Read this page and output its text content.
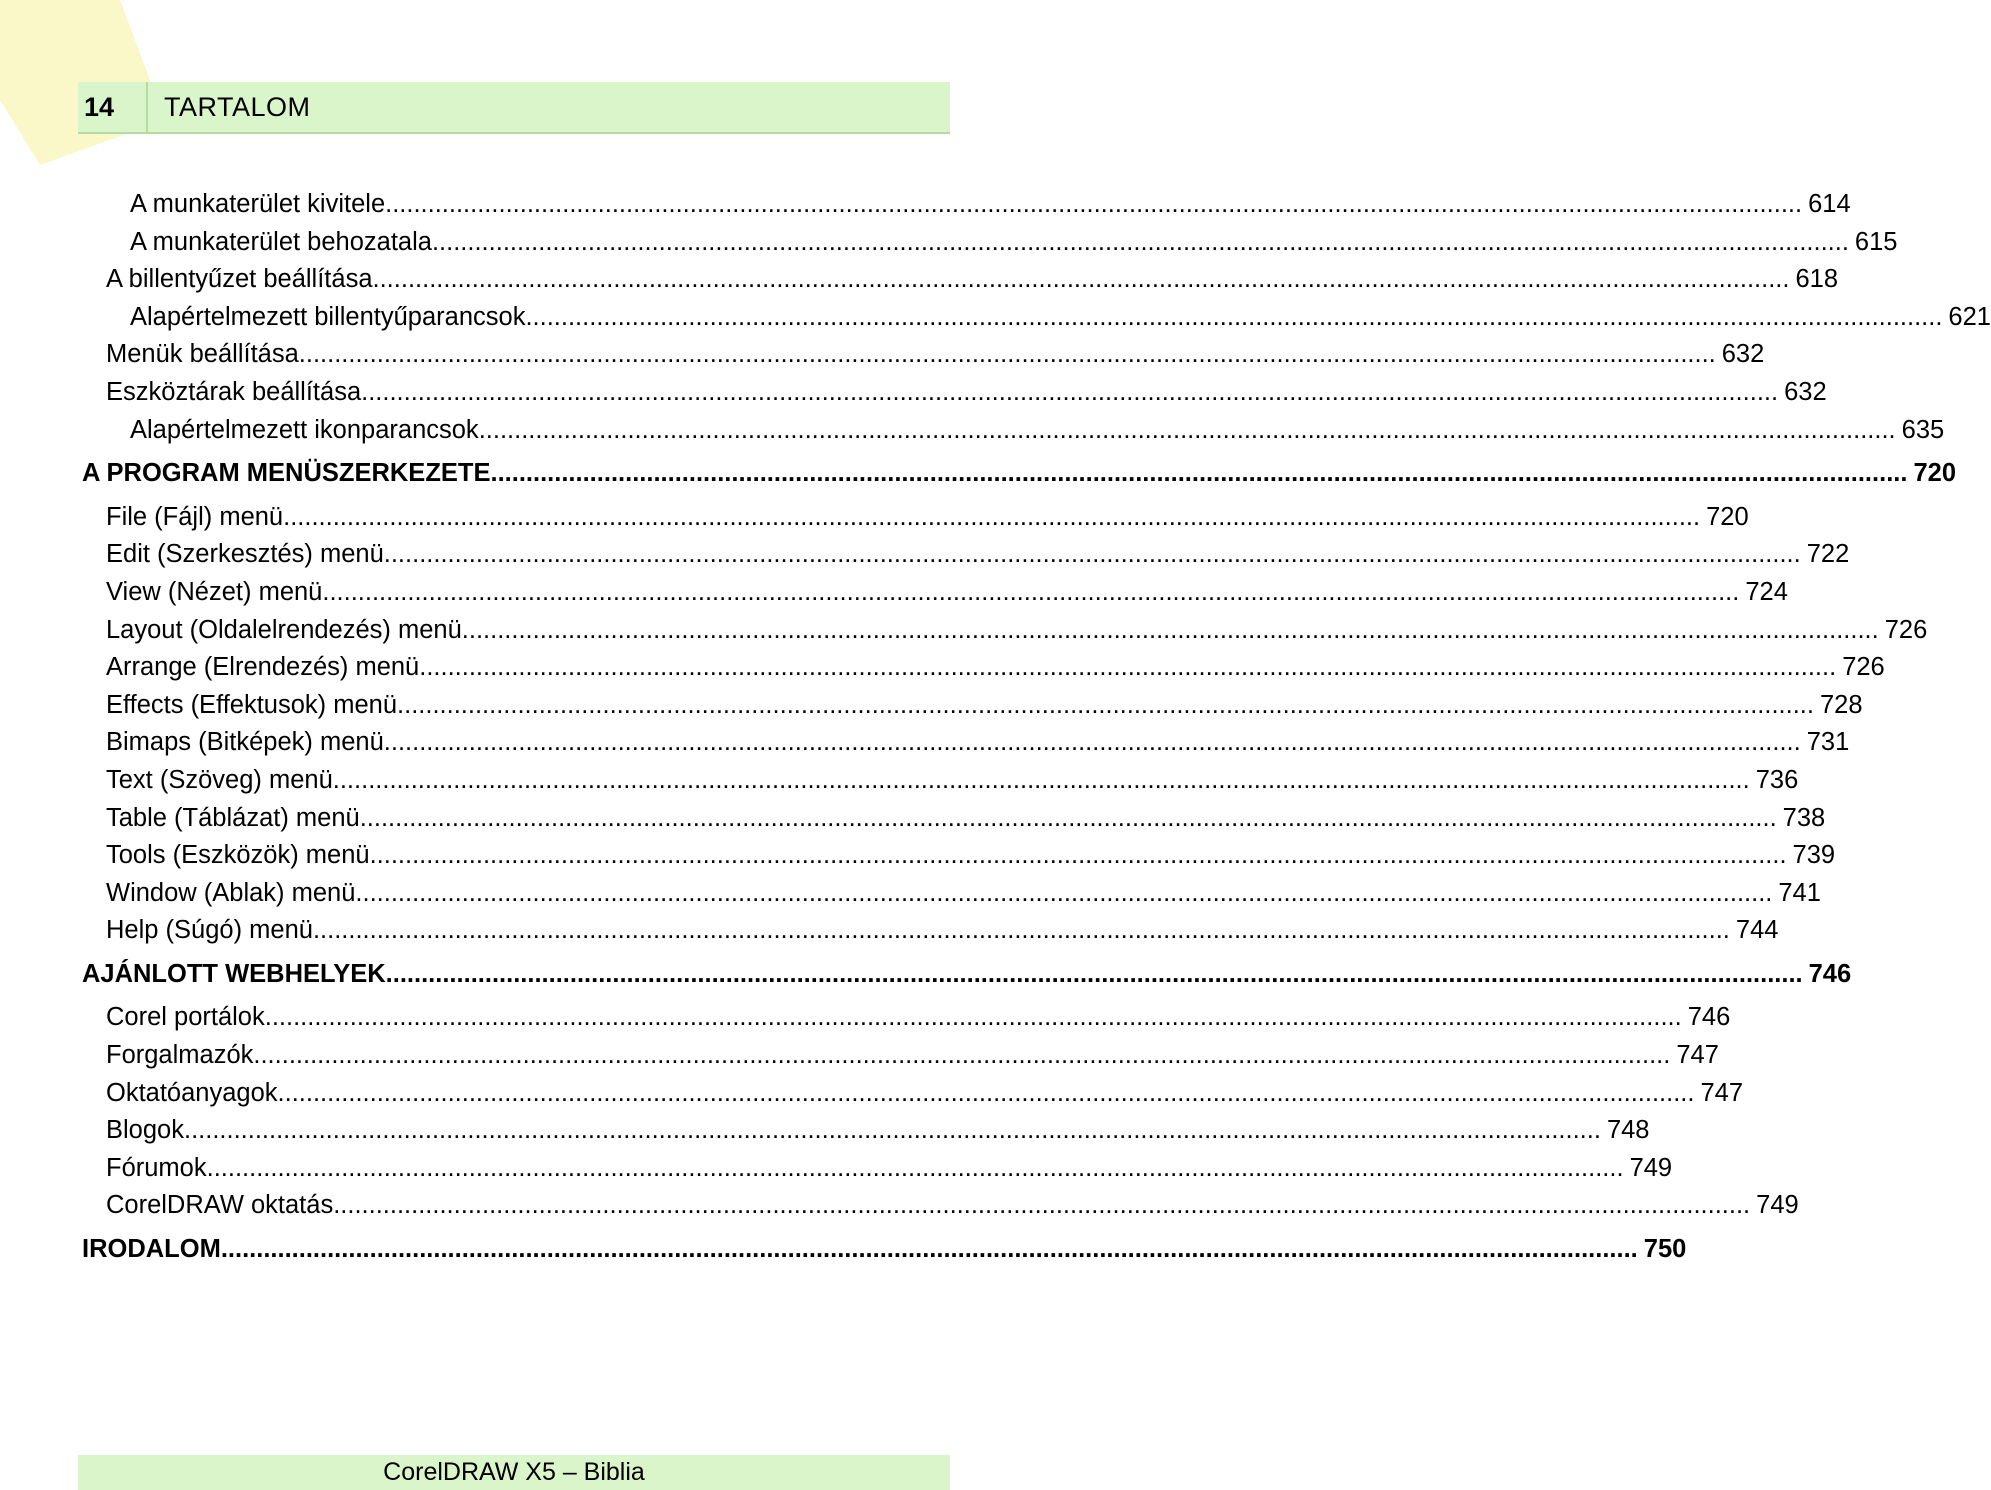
14	TARTALOM
A munkaterület kivitele ........................................................................................................................................................................................................ 614
A munkaterület behozatala ........................................................................................................................................................................................................ 615
A billentyűzet beállítása ........................................................................................................................................................................................................ 618
Alapértelmezett billentyűparancsok ........................................................................................................................................................................................................ 621
Menük beállítása ........................................................................................................................................................................................................ 632
Eszköztárak beállítása ........................................................................................................................................................................................................ 632
Alapértelmezett ikonparancsok ........................................................................................................................................................................................................ 635
A PROGRAM MENÜSZERKEZETE ........................................................................................................................................................................................................ 720
File (Fájl) menü ........................................................................................................................................................................................................ 720
Edit (Szerkesztés) menü ........................................................................................................................................................................................................ 722
View (Nézet) menü ........................................................................................................................................................................................................ 724
Layout (Oldalelrendezés) menü ........................................................................................................................................................................................................ 726
Arrange (Elrendezés) menü ........................................................................................................................................................................................................ 726
Effects (Effektusok) menü ........................................................................................................................................................................................................ 728
Bimaps (Bitképek) menü ........................................................................................................................................................................................................ 731
Text (Szöveg) menü ........................................................................................................................................................................................................ 736
Table (Táblázat) menü ........................................................................................................................................................................................................ 738
Tools (Eszközök) menü ........................................................................................................................................................................................................ 739
Window (Ablak) menü ........................................................................................................................................................................................................ 741
Help (Súgó) menü ........................................................................................................................................................................................................ 744
AJÁNLOTT WEBHELYEK ........................................................................................................................................................................................................ 746
Corel portálok ........................................................................................................................................................................................................ 746
Forgalmazók ........................................................................................................................................................................................................ 747
Oktatóanyagok ........................................................................................................................................................................................................ 747
Blogok ........................................................................................................................................................................................................ 748
Fórumok ........................................................................................................................................................................................................ 749
CorelDRAW oktatás ........................................................................................................................................................................................................ 749
IRODALOM ........................................................................................................................................................................................................ 750
CorelDRAW X5 – Biblia
